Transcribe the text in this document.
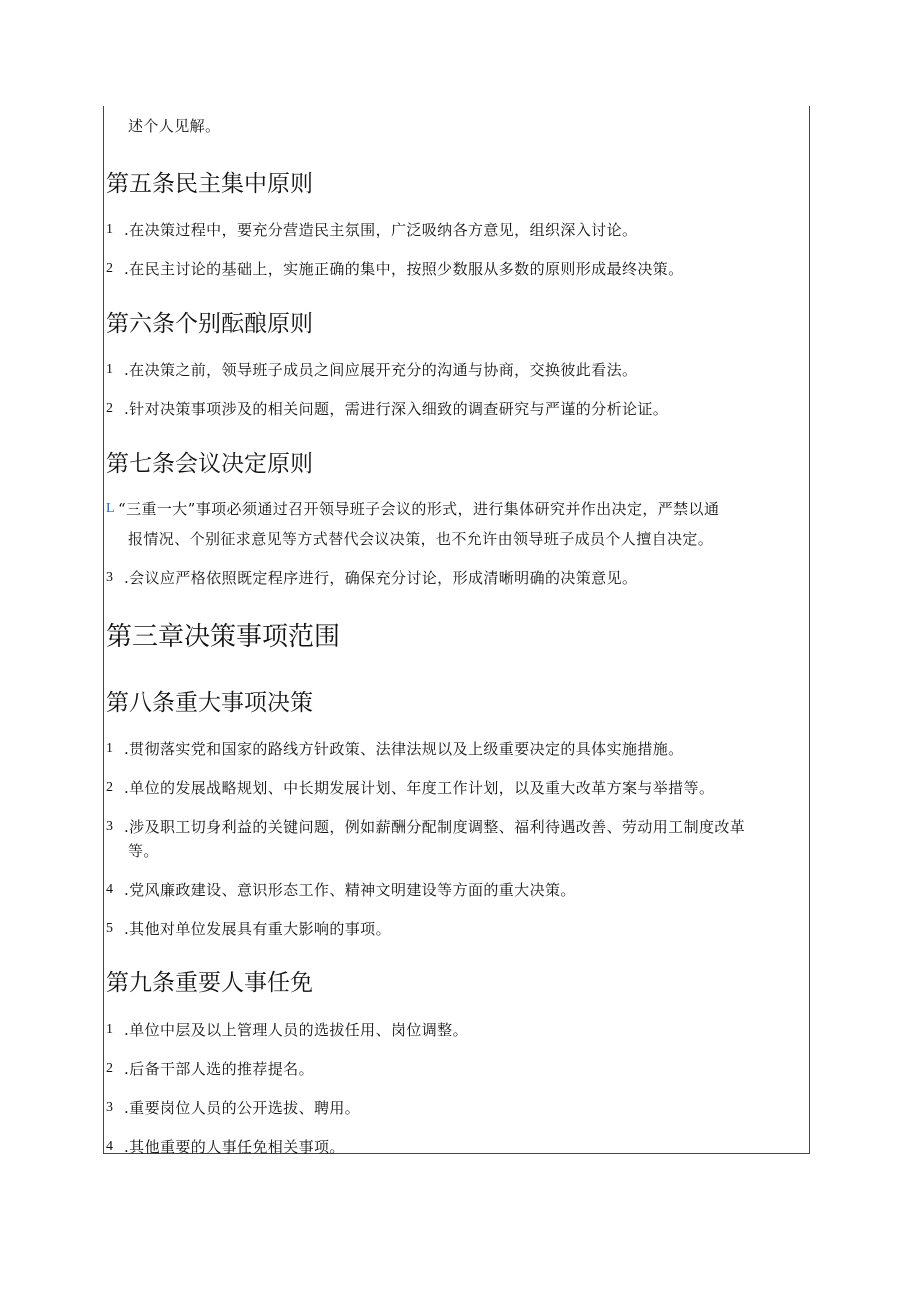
述个人见解。
第五条民主集中原则
1 .在决策过程中，要充分营造民主氛围，广泛吸纳各方意见，组织深入讨论。
2 .在民主讨论的基础上，实施正确的集中，按照少数服从多数的原则形成最终决策。
第六条个别酝酿原则
1 .在决策之前，领导班子成员之间应展开充分的沟通与协商，交换彼此看法。
2 .针对决策事项涉及的相关问题，需进行深入细致的调查研究与严谨的分析论证。
第七条会议决定原则
L “三重一大”事项必须通过召开领导班子会议的形式，进行集体研究并作出决定，严禁以通
报情况、个别征求意见等方式替代会议决策，也不允许由领导班子成员个人擅自决定。
3 .会议应严格依照既定程序进行，确保充分讨论，形成清晰明确的决策意见。
第三章决策事项范围
第八条重大事项决策
1 .贯彻落实党和国家的路线方针政策、法律法规以及上级重要决定的具体实施措施。
2 .单位的发展战略规划、中长期发展计划、年度工作计划，以及重大改革方案与举措等。
3 .涉及职工切身利益的关键问题，例如薪酬分配制度调整、福利待遇改善、劳动用工制度改革
等。
4 .党风廉政建设、意识形态工作、精神文明建设等方面的重大决策。
5 .其他对单位发展具有重大影响的事项。
第九条重要人事任免
1 .单位中层及以上管理人员的选拔任用、岗位调整。
2 .后备干部人选的推荐提名。
3 .重要岗位人员的公开选拔、聘用。
4 .其他重要的人事任免相关事项。
